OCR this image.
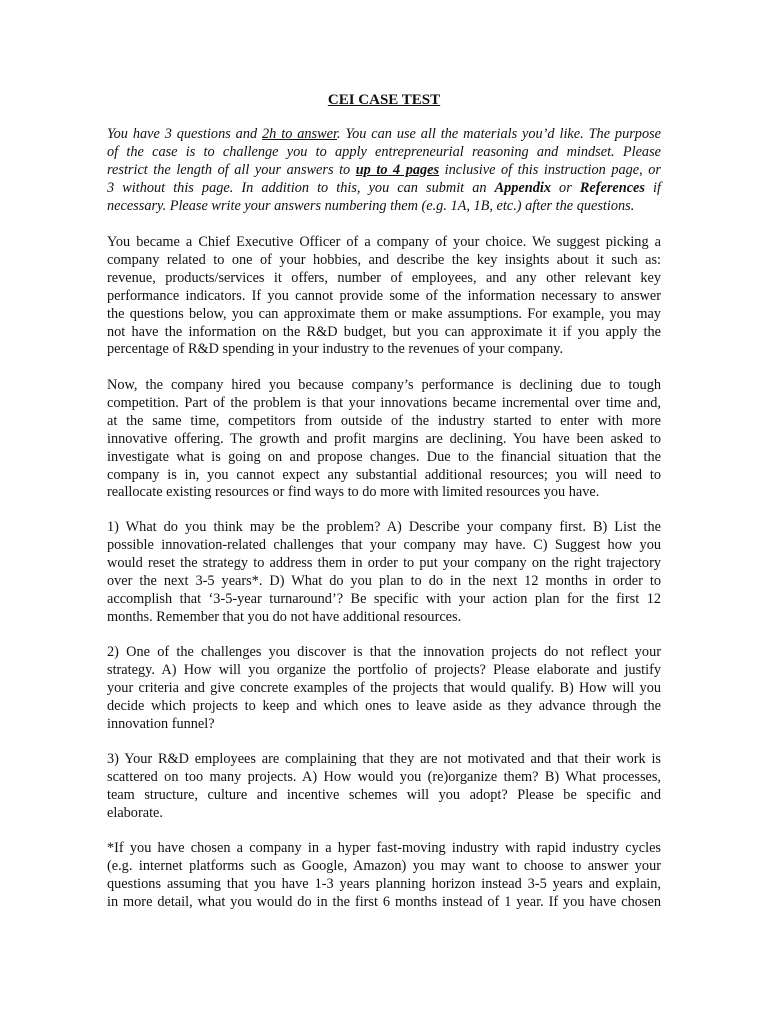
CEI CASE TEST
You have 3 questions and 2h to answer. You can use all the materials you’d like. The purpose
of the case is to challenge you to apply entrepreneurial reasoning and mindset. Please
restrict the length of all your answers to up to 4 pages inclusive of this instruction page, or
3 without this page. In addition to this, you can submit an Appendix or References if
necessary. Please write your answers numbering them (e.g. 1A, 1B, etc.) after the questions.
You became a Chief Executive Officer of a company of your choice. We suggest picking a
company related to one of your hobbies, and describe the key insights about it such as:
revenue, products/services it offers, number of employees, and any other relevant key
performance indicators. If you cannot provide some of the information necessary to answer
the questions below, you can approximate them or make assumptions. For example, you may
not have the information on the R&D budget, but you can approximate it if you apply the
percentage of R&D spending in your industry to the revenues of your company.
Now, the company hired you because company’s performance is declining due to tough
competition. Part of the problem is that your innovations became incremental over time and,
at the same time, competitors from outside of the industry started to enter with more
innovative offering. The growth and profit margins are declining. You have been asked to
investigate what is going on and propose changes. Due to the financial situation that the
company is in, you cannot expect any substantial additional resources; you will need to
reallocate existing resources or find ways to do more with limited resources you have.
1) What do you think may be the problem? A) Describe your company first. B) List the
possible innovation-related challenges that your company may have. C) Suggest how you
would reset the strategy to address them in order to put your company on the right trajectory
over the next 3-5 years*. D) What do you plan to do in the next 12 months in order to
accomplish that ‘3-5-year turnaround’? Be specific with your action plan for the first 12
months. Remember that you do not have additional resources.
2) One of the challenges you discover is that the innovation projects do not reflect your
strategy. A) How will you organize the portfolio of projects? Please elaborate and justify
your criteria and give concrete examples of the projects that would qualify. B) How will you
decide which projects to keep and which ones to leave aside as they advance through the
innovation funnel?
3) Your R&D employees are complaining that they are not motivated and that their work is
scattered on too many projects. A) How would you (re)organize them? B) What processes,
team structure, culture and incentive schemes will you adopt? Please be specific and
elaborate.
*If you have chosen a company in a hyper fast-moving industry with rapid industry cycles
(e.g. internet platforms such as Google, Amazon) you may want to choose to answer your
questions assuming that you have 1-3 years planning horizon instead 3-5 years and explain,
in more detail, what you would do in the first 6 months instead of 1 year. If you have chosen
